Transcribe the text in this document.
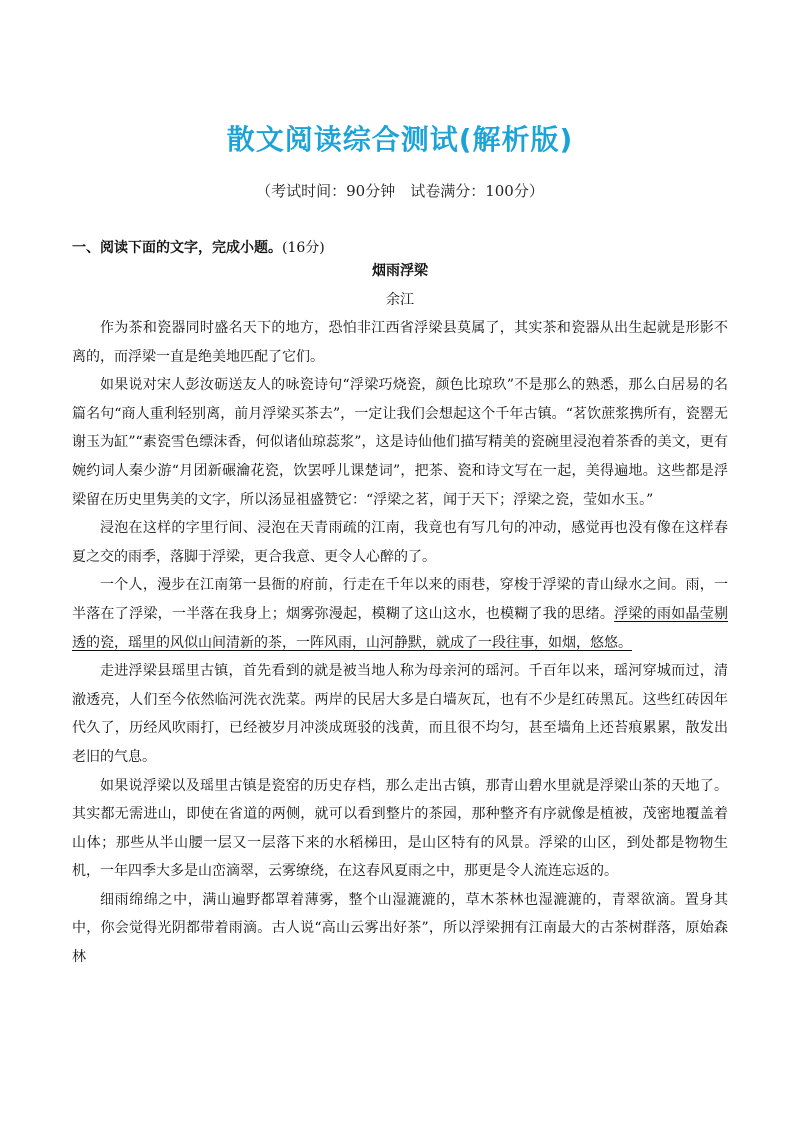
散文阅读综合测试(解析版)
（考试时间：90分钟　试卷满分：100分）
一、阅读下面的文字，完成小题。(16分)
烟雨浮梁
余江

作为茶和瓷器同时盛名天下的地方，恐怕非江西省浮梁县莫属了，其实茶和瓷器从出生起就是形影不离的，而浮梁一直是绝美地匹配了它们。

如果说对宋人彭汝砺送友人的咏瓷诗句“浮梁巧烧瓷，颜色比琼玖”不是那么的熟悉，那么白居易的名篇名句“商人重利轻别离，前月浮梁买茶去”，一定让我们会想起这个千年古镇。“茗饮蔗浆携所有，瓷罂无谢玉为缸”“素瓷雪色缥沫香，何似诸仙琼蕊浆”，这是诗仙他们描写精美的瓷碗里浸泡着茶香的美文，更有婉约词人秦少游“月团新碾瀹花瓷，饮罢呼儿课楚词”，把茶、瓷和诗文写在一起，美得遍地。这些都是浮梁留在历史里隽美的文字，所以汤显祖盛赞它：“浮梁之茗，闻于天下；浮梁之瓷，莹如水玉。”

浸泡在这样的字里行间、浸泡在天青雨疏的江南，我竟也有写几句的冲动，感觉再也没有像在这样春夏之交的雨季，落脚于浮梁，更合我意、更令人心醉的了。

一个人，漫步在江南第一县衙的府前，行走在千年以来的雨巷，穿梭于浮梁的青山绿水之间。雨，一半落在了浮梁，一半落在我身上；烟雾弥漫起，模糊了这山这水，也模糊了我的思绪。浮梁的雨如晶莹剔透的瓷，瑶里的风似山间清新的茶，一阵风雨，山河静默，就成了一段往事，如烟，悠悠。

走进浮梁县瑶里古镇，首先看到的就是被当地人称为母亲河的瑶河。千百年以来，瑶河穿城而过，清澈透亮，人们至今依然临河洗衣洗菜。两岸的民居大多是白墙灰瓦，也有不少是红砖黑瓦。这些红砖因年代久了，历经风吹雨打，已经被岁月冲淡成斑驳的浅黄，而且很不均匀，甚至墙角上还苔痕累累，散发出老旧的气息。

如果说浮梁以及瑶里古镇是瓷窑的历史存档，那么走出古镇，那青山碧水里就是浮梁山茶的天地了。其实都无需进山，即使在省道的两侧，就可以看到整片的茶园，那种整齐有序就像是植被，茂密地覆盖着山体；那些从半山腰一层又一层落下来的水稻梯田，是山区特有的风景。浮梁的山区，到处都是物物生机，一年四季大多是山峦滴翠，云雾缭绕，在这春风夏雨之中，那更是令人流连忘返的。

细雨绵绵之中，满山遍野都罩着薄雾，整个山湿漉漉的，草木茶林也湿漉漉的，青翠欲滴。置身其中，你会觉得光阴都带着雨滴。古人说“高山云雾出好茶”，所以浮梁拥有江南最大的古茶树群落，原始森林
